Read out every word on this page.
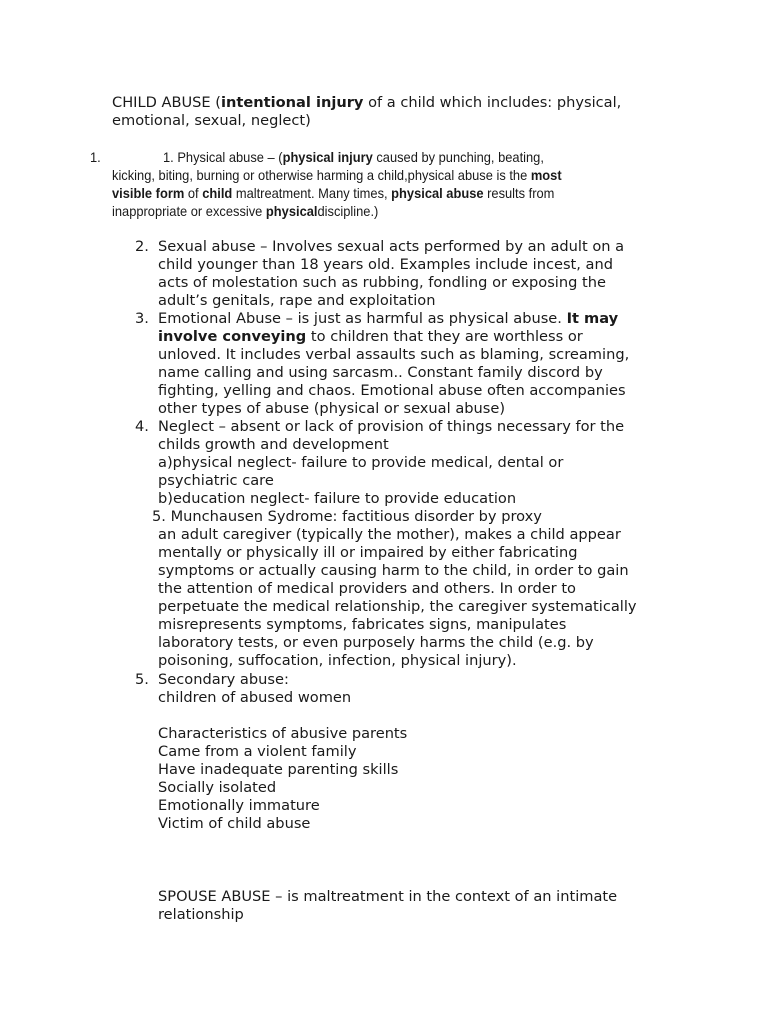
CHILD ABUSE (intentional injury of a child which includes: physical,
emotional, sexual, neglect)
1.	1. Physical abuse – (physical injury caused by punching, beating,
kicking, biting, burning or otherwise harming a child,physical abuse is the most
visible form of child maltreatment. Many times, physical abuse results from
inappropriate or excessive physicaldiscipline.)
2. Sexual abuse – Involves sexual acts performed by an adult on a
child younger than 18 years old. Examples include incest, and
acts of molestation such as rubbing, fondling or exposing the
adult’s genitals, rape and exploitation
3. Emotional Abuse – is just as harmful as physical abuse. It may
involve conveying to children that they are worthless or
unloved. It includes verbal assaults such as blaming, screaming,
name calling and using sarcasm.. Constant family discord by
fighting, yelling and chaos. Emotional abuse often accompanies
other types of abuse (physical or sexual abuse)
4. Neglect – absent or lack of provision of things necessary for the
childs growth and development
a)physical neglect- failure to provide medical, dental or
psychiatric care
b)education neglect- failure to provide education
5. Munchausen Sydrome: factitious disorder by proxy
an adult caregiver (typically the mother), makes a child appear
mentally or physically ill or impaired by either fabricating
symptoms or actually causing harm to the child, in order to gain
the attention of medical providers and others. In order to
perpetuate the medical relationship, the caregiver systematically
misrepresents symptoms, fabricates signs, manipulates
laboratory tests, or even purposely harms the child (e.g. by
poisoning, suffocation, infection, physical injury).
5. Secondary abuse:
children of abused women
Characteristics of abusive parents
Came from a violent family
Have inadequate parenting skills
Socially isolated
Emotionally immature
Victim of child abuse
SPOUSE ABUSE – is maltreatment in the context of an intimate
relationship
